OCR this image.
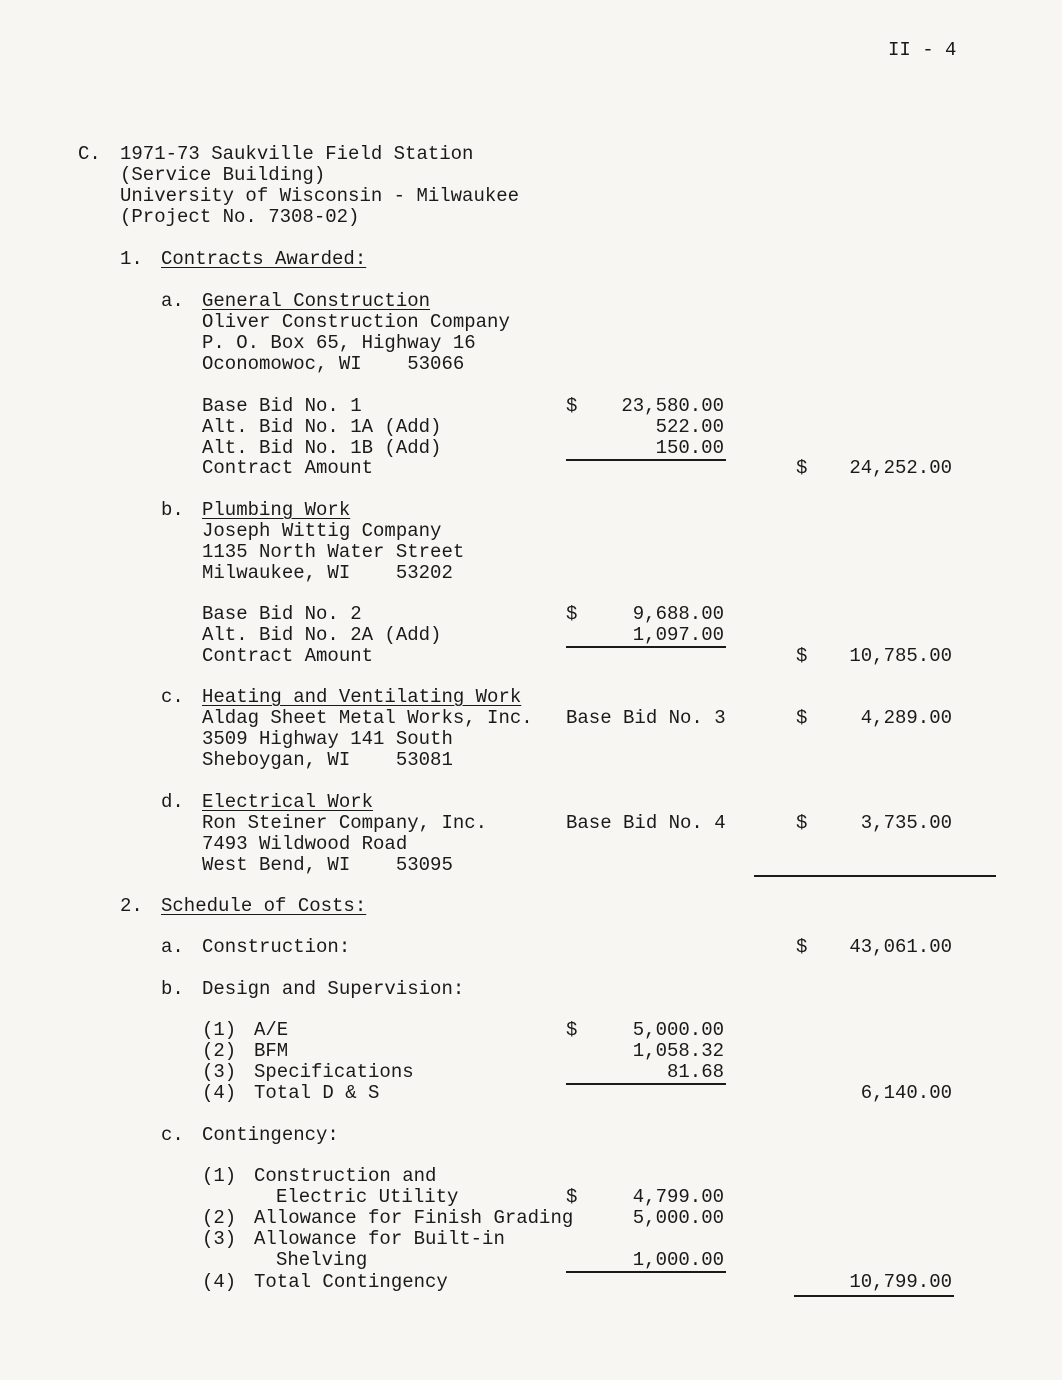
II - 4
C. 1971-73 Saukville Field Station
(Service Building)
University of Wisconsin - Milwaukee
(Project No. 7308-02)
1. Contracts Awarded:
a. General Construction
Oliver Construction Company
P. O. Box 65, Highway 16
Oconomowoc, WI    53066
Base Bid No. 1	$	23,580.00
Alt. Bid No. 1A (Add)	522.00
Alt. Bid No. 1B (Add)	150.00
Contract Amount	$	24,252.00
b. Plumbing Work
Joseph Wittig Company
1135 North Water Street
Milwaukee, WI    53202
Base Bid No. 2	$	9,688.00
Alt. Bid No. 2A (Add)	1,097.00
Contract Amount	$	10,785.00
c. Heating and Ventilating Work
Aldag Sheet Metal Works, Inc. Base Bid No. 3	$	4,289.00
3509 Highway 141 South
Sheboygan, WI    53081
d. Electrical Work
Ron Steiner Company, Inc.	Base Bid No. 4	$	3,735.00
7493 Wildwood Road
West Bend, WI    53095
2. Schedule of Costs:
a. Construction:	$	43,061.00
b. Design and Supervision:
(1) A/E	$	5,000.00
(2) BFM	1,058.32
(3) Specifications	81.68
(4) Total D & S	6,140.00
c. Contingency:
(1) Construction and
Electric Utility	$	4,799.00
(2) Allowance for Finish Grading	5,000.00
(3) Allowance for Built-in
Shelving	1,000.00
(4) Total Contingency	10,799.00
